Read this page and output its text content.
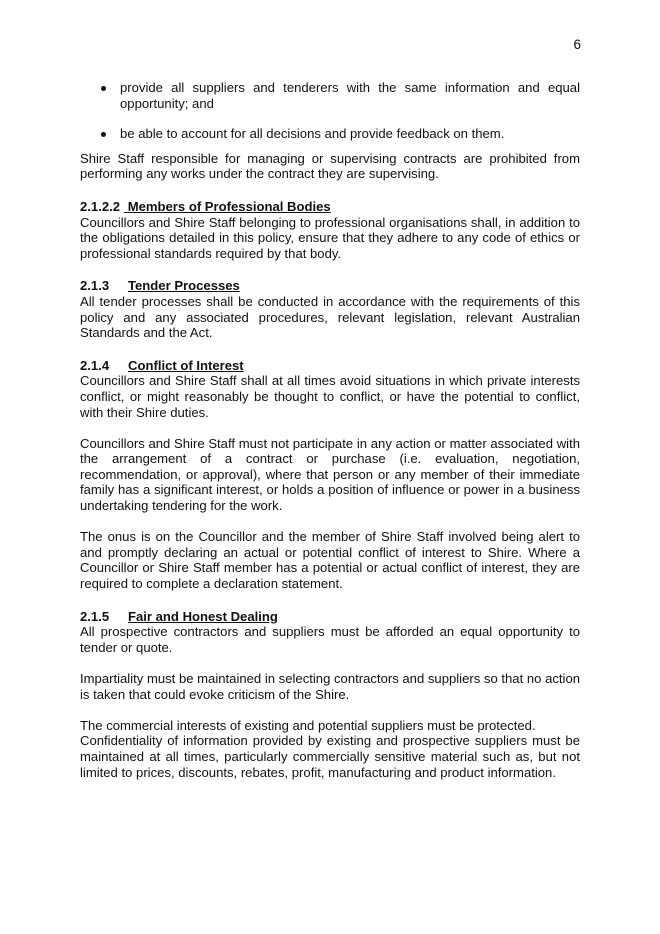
6
provide all suppliers and tenderers with the same information and equal opportunity; and
be able to account for all decisions and provide feedback on them.

Shire Staff responsible for managing or supervising contracts are prohibited from performing any works under the contract they are supervising.

2.1.2.2 Members of Professional Bodies

Councillors and Shire Staff belonging to professional organisations shall, in addition to the obligations detailed in this policy, ensure that they adhere to any code of ethics or professional standards required by that body.

2.1.3 Tender Processes

All tender processes shall be conducted in accordance with the requirements of this policy and any associated procedures, relevant legislation, relevant Australian Standards and the Act.

2.1.4 Conflict of Interest

Councillors and Shire Staff shall at all times avoid situations in which private interests conflict, or might reasonably be thought to conflict, or have the potential to conflict, with their Shire duties.

Councillors and Shire Staff must not participate in any action or matter associated with the arrangement of a contract or purchase (i.e. evaluation, negotiation, recommendation, or approval), where that person or any member of their immediate family has a significant interest, or holds a position of influence or power in a business undertaking tendering for the work.

The onus is on the Councillor and the member of Shire Staff involved being alert to and promptly declaring an actual or potential conflict of interest to Shire. Where a Councillor or Shire Staff member has a potential or actual conflict of interest, they are required to complete a declaration statement.

2.1.5 Fair and Honest Dealing

All prospective contractors and suppliers must be afforded an equal opportunity to tender or quote.

Impartiality must be maintained in selecting contractors and suppliers so that no action is taken that could evoke criticism of the Shire.

The commercial interests of existing and potential suppliers must be protected.

Confidentiality of information provided by existing and prospective suppliers must be maintained at all times, particularly commercially sensitive material such as, but not limited to prices, discounts, rebates, profit, manufacturing and product information.
